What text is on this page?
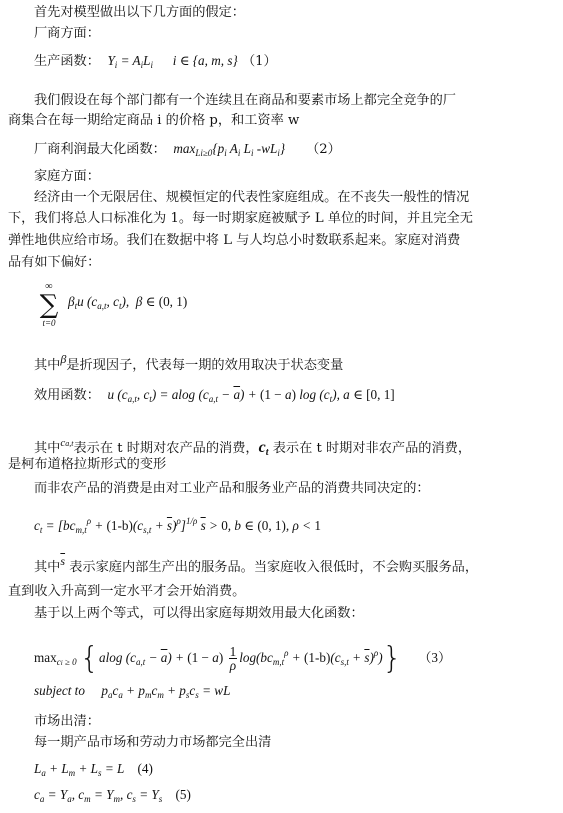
首先对模型做出以下几方面的假定：
厂商方面：
生产函数：  $Y_i = A_iL_i$      i ∈ {a, m, s} （1）
我们假设在每个部门都有一个连续且在商品和要素市场上都完全竞争的厂
商集合在每一期给定商品 i 的价格 p，和工资率 w
厂商利润最大化函数：  $\max_{Li\ge 0}\{p_i$ $A_i$ $L_i$ $-wL_i$} （2）
家庭方面：
经济由一个无限居住、规模恒定的代表性家庭组成。在不丧失一般性的情况
下，我们将总人口标准化为 1。每一时期家庭被赋予 L 单位的时间，并且完全无
弹性地供应给市场。我们在数据中将 L 与人均总小时数联系起来。家庭对消费
品有如下偏好：
∞
∑
t=0
$\beta_tu$ ($c_{a,t}$, $c_t$),  β ∈ (0, 1)
其中β是折现因子，代表每一期的效用取决于状态变量
效用函数：  u ($c_{a,t}$, $c_t) = alog$ $(c_{a,t} - \overline{a}) + (1 - a)$ $\log (c_t)$, a ∈ [0, 1]
其中$^{ca,t}$表示在 t 时期对农产品的消费，$c_t$ 表示在 t 时期对非农产品的消费，
是柯布道格拉斯形式的变形
而非农产品的消费是由对工业产品和服务业产品的消费共同决定的：
$c_t = [bc_{m,t}^\rho + (1-b)(c_{s,t} + \overline{s})^\rho]^{1/\rho}$ $\overline{s} > 0$, b ∈ (0, 1), ρ < 1
其中$\overline{s}$ 表示家庭内部生产出的服务品。当家庭收入很低时，不会购买服务品，
直到收入升高到一定水平才会开始消费。
基于以上两个等式，可以得出家庭每期效用最大化函数：
$\max_{ci \ge 0} \{alog$ $(c_{a,t} - \overline{a}) + (1 - a) \frac{1}{\rho} \log(bc_{m,t}^\rho + (1-b)(c_{s,t} + \overline{s})^\rho)$} （3）
subject to     $p_ac_a + p_mc_m + p_sc_s$ = wL
市场出清：
每一期产品市场和劳动力市场都完全出清
$L_a + L_m + L_s = L$    (4)
$c_a = Y_a$, $c_m = Y_m$, $c_s = Y_s$ (5)
